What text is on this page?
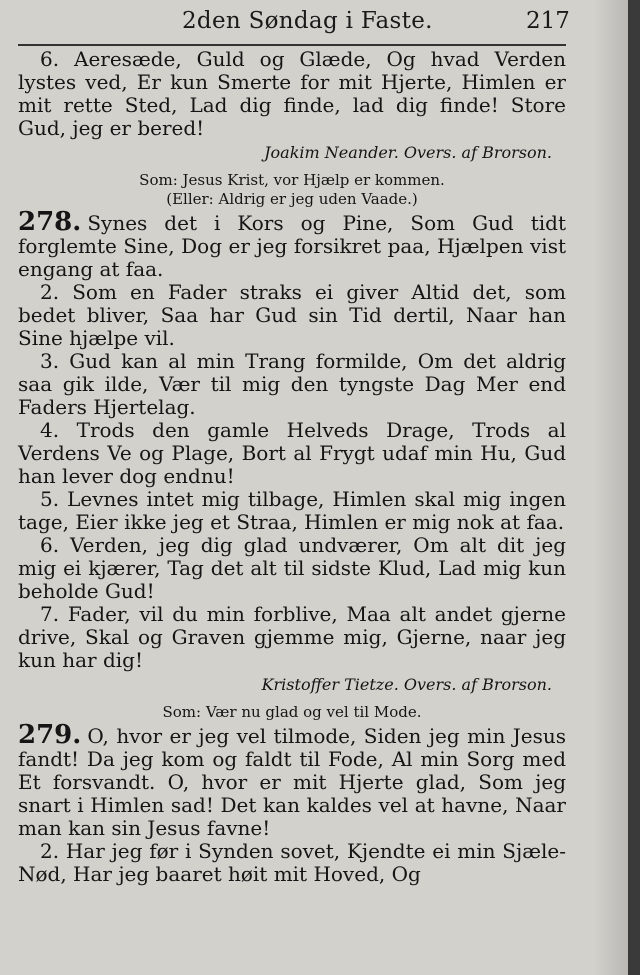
2den Søndag i Faste.	217

6. Aeresæde, Guld og Glæde, Og hvad Verden lystes ved, Er kun Smerte for mit Hjerte, Himlen er mit rette Sted, Lad dig finde, lad dig finde! Store Gud, jeg er bered!

Joakim Neander. Overs. af Brorson.

Som: Jesus Krist, vor Hjælp er kommen.

(Eller: Aldrig er jeg uden Vaade.)

278. Synes det i Kors og Pine, Som Gud tidt forglemte Sine, Dog er jeg forsikret paa, Hjælpen vist engang at faa.

2. Som en Fader straks ei giver Altid det, som bedet bliver, Saa har Gud sin Tid dertil, Naar han Sine hjælpe vil.

3. Gud kan al min Trang formilde, Om det aldrig saa gik ilde, Vær til mig den tyngste Dag Mer end Faders Hjertelag.

4. Trods den gamle Helveds Drage, Trods al Verdens Ve og Plage, Bort al Frygt udaf min Hu, Gud han lever dog endnu!

5. Levnes intet mig tilbage, Himlen skal mig ingen tage, Eier ikke jeg et Straa, Himlen er mig nok at faa.

6. Verden, jeg dig glad undværer, Om alt dit jeg mig ei kjærer, Tag det alt til sidste Klud, Lad mig kun beholde Gud!

7. Fader, vil du min forblive, Maa alt andet gjerne drive, Skal og Graven gjemme mig, Gjerne, naar jeg kun har dig!

Kristoffer Tietze. Overs. af Brorson.

Som: Vær nu glad og vel til Mode.

279. O, hvor er jeg vel tilmode, Siden jeg min Jesus fandt! Da jeg kom og faldt til Fode, Al min Sorg med Et forsvandt. O, hvor er mit Hjerte glad, Som jeg snart i Himlen sad! Det kan kaldes vel at havne, Naar man kan sin Jesus favne!

2. Har jeg før i Synden sovet, Kjendte ei min Sjæle-Nød, Har jeg baaret høit mit Hoved, Og
